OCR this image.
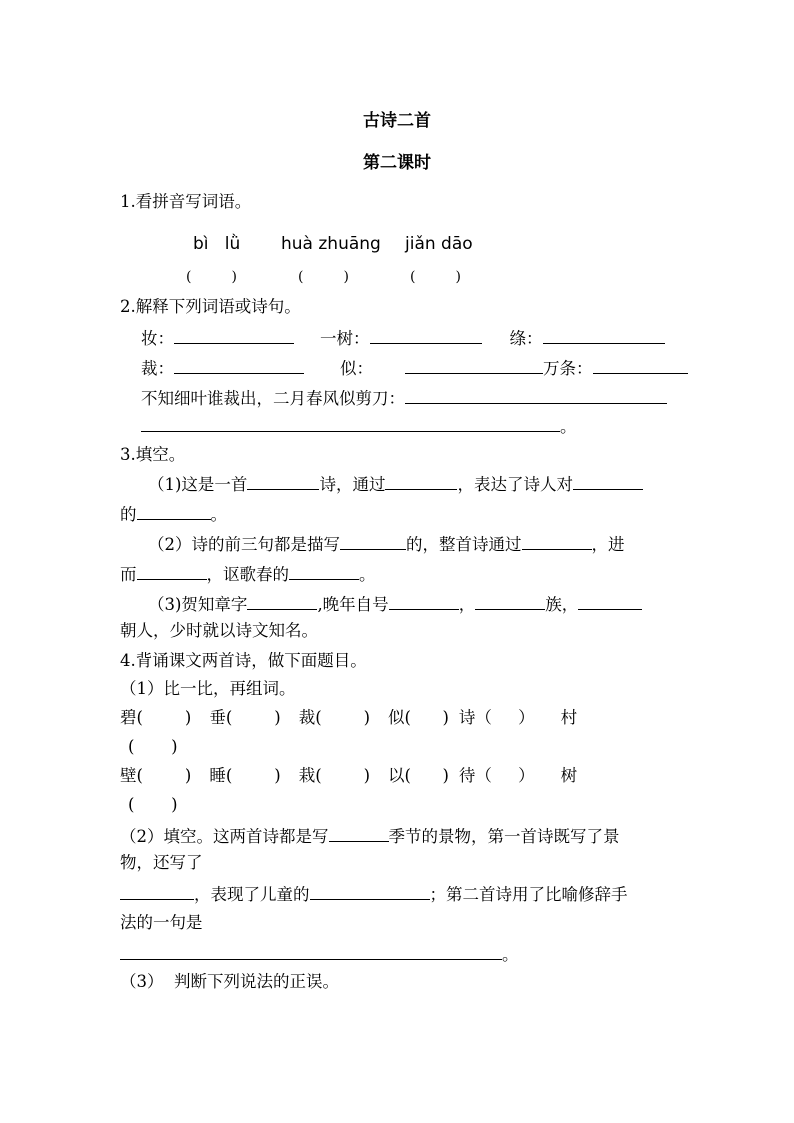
古诗二首
第二课时
1.看拼音写词语。
bì   lǜ huà zhuāng jiǎn dāo
(         )	(         )	(         )
2.解释下列词语或诗句。
妆：	一树：	绦：
裁：	似：	万条：
不知细叶谁裁出，二月春风似剪刀：
。
3.填空。
（1)这是一首	诗，通过	，表达了诗人对
的	。
（2）诗的前三句都是描写	的，整首诗通过	，进
而	，讴歌春的	。
（3)贺知章字	,晚年自号	，	族，
朝人，少时就以诗文知名。
4.背诵课文两首诗，做下面题目。
（1）比一比，再组词。
碧(        ) 垂(        ) 裁(        ) 似(      ) 诗（     ） 村
(       )
壁(        ) 睡(        ) 栽(        ) 以(      ) 待（     ） 树
(       )
（2）填空。这两首诗都是写	季节的景物，第一首诗既写了景
物，还写了
，表现了儿童的	；第二首诗用了比喻修辞手
法的一句是
。
（3）  判断下列说法的正误。
